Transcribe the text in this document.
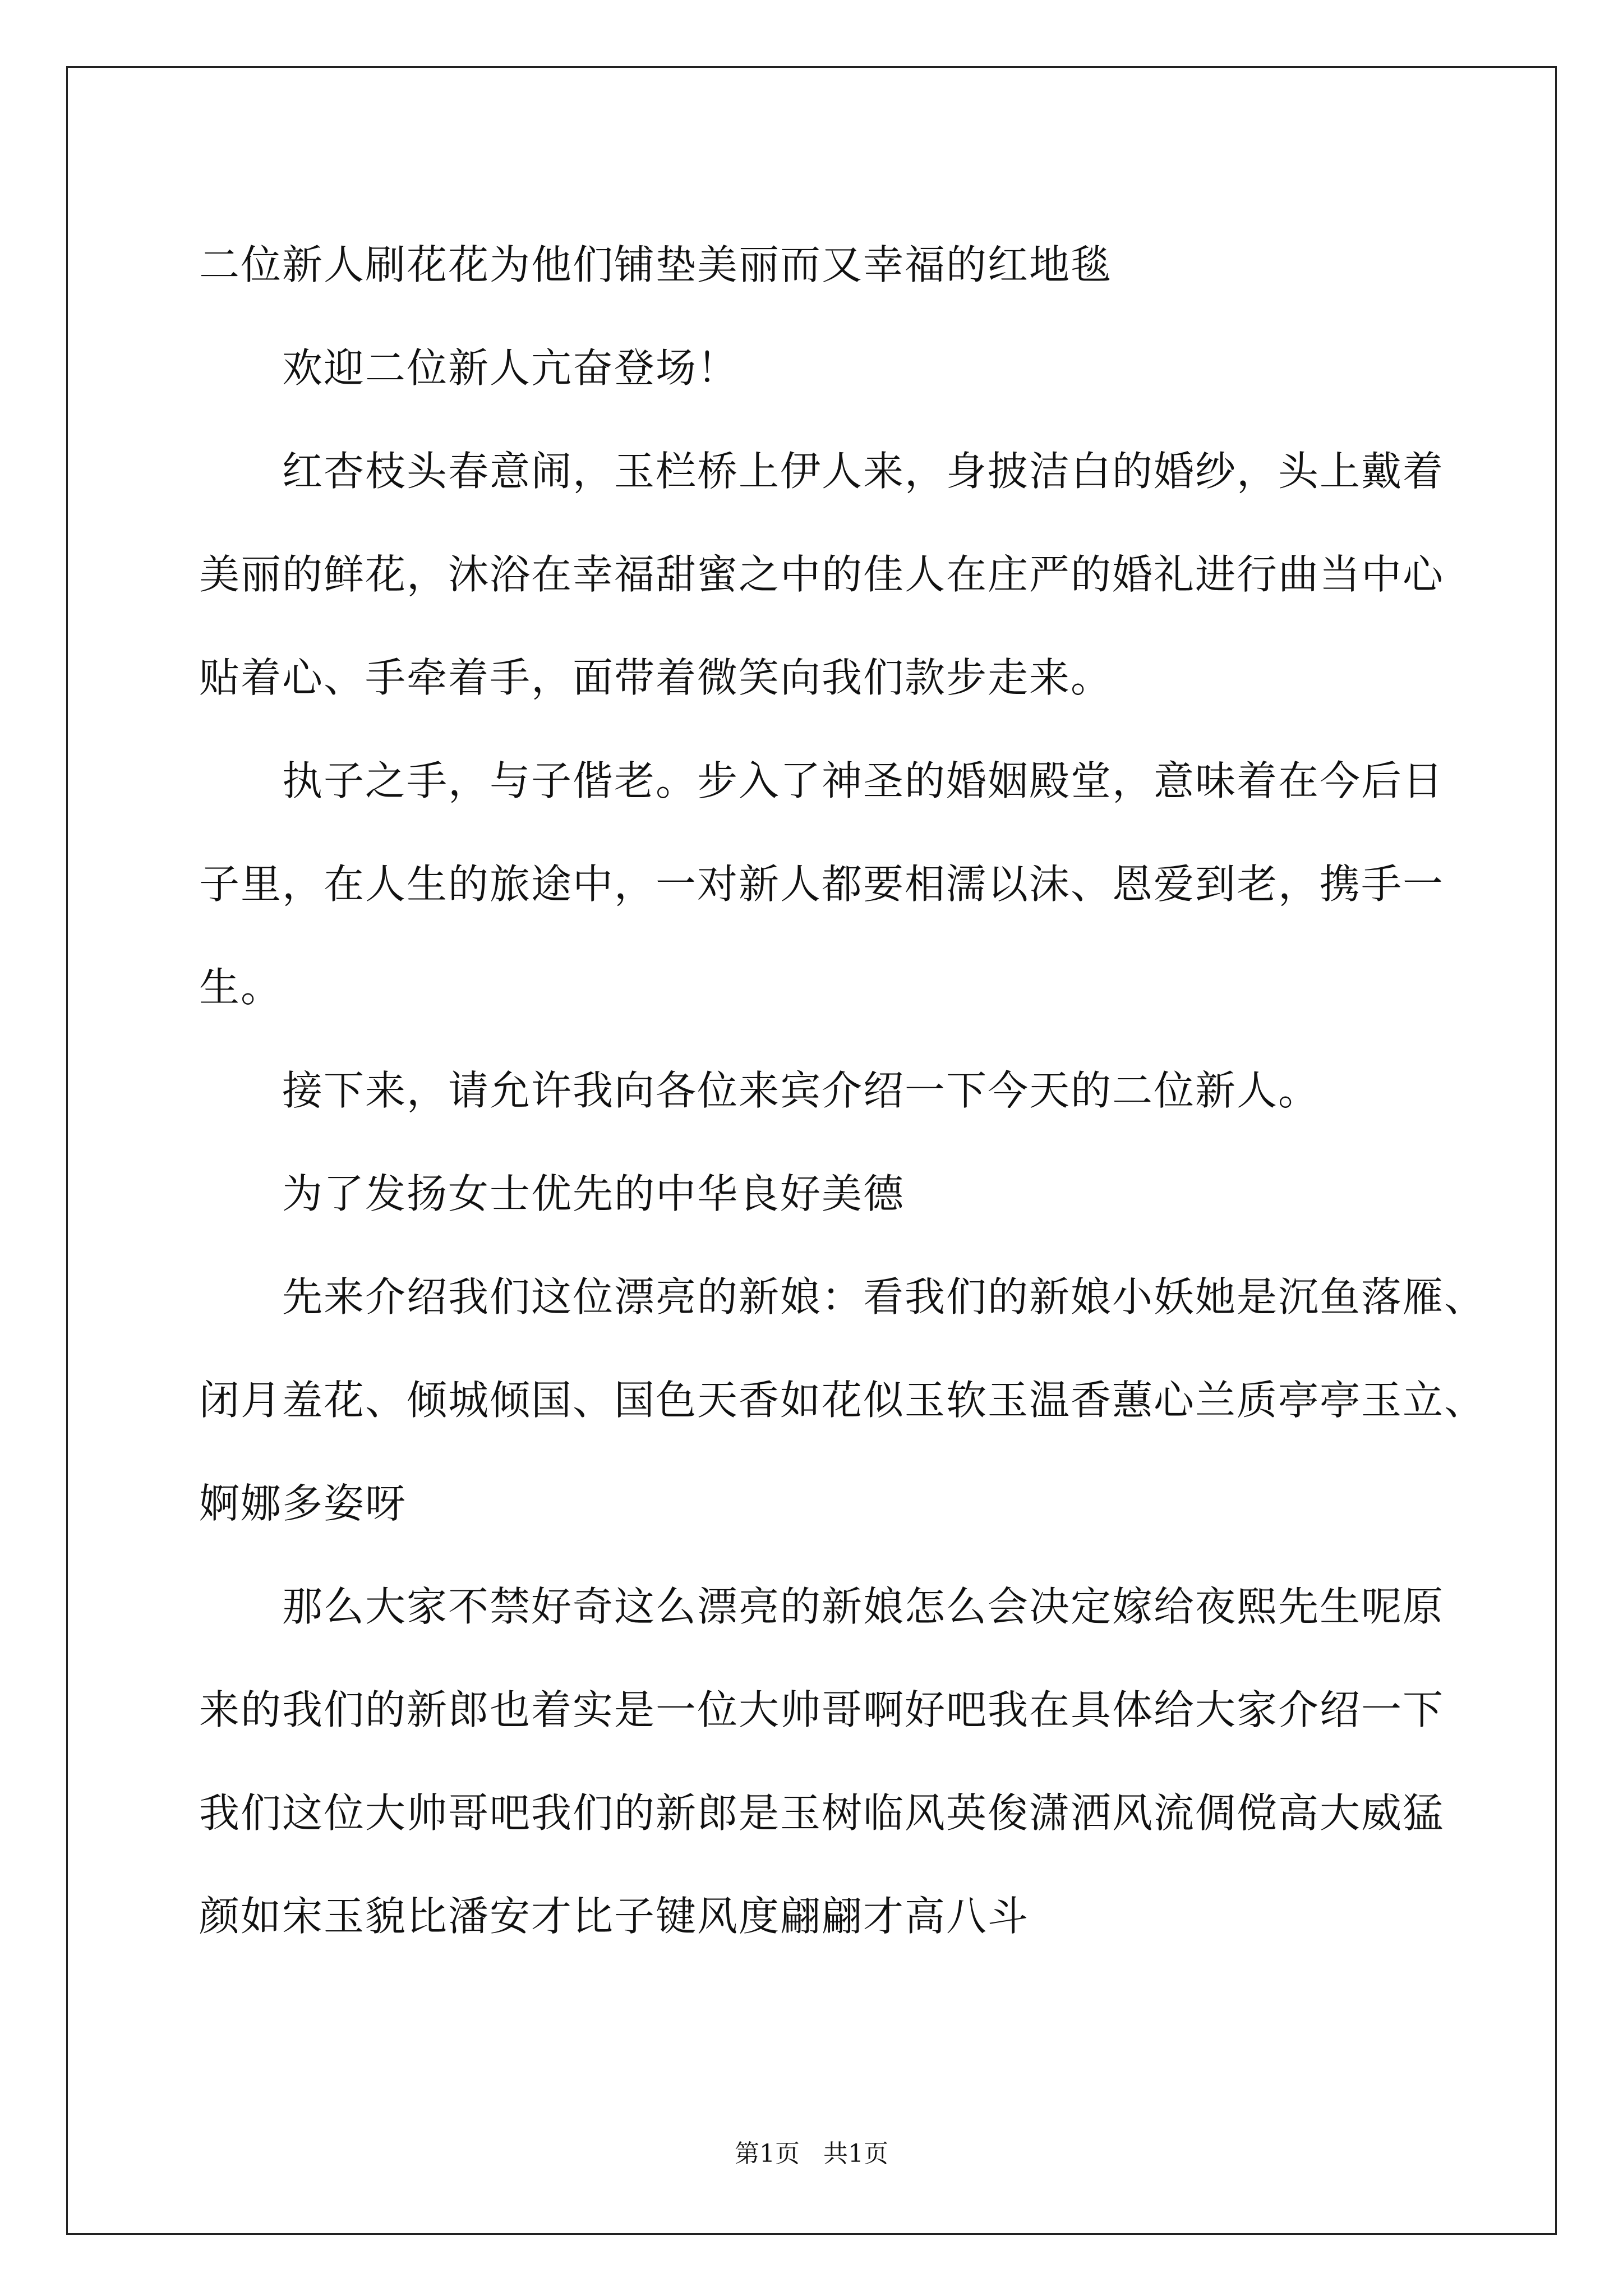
二位新人刷花花为他们铺垫美丽而又幸福的红地毯
欢迎二位新人亢奋登场！
红杏枝头春意闹，玉栏桥上伊人来，身披洁白的婚纱，头上戴着
美丽的鲜花，沐浴在幸福甜蜜之中的佳人在庄严的婚礼进行曲当中心
贴着心、手牵着手，面带着微笑向我们款步走来。
执子之手，与子偕老。步入了神圣的婚姻殿堂，意味着在今后日
子里，在人生的旅途中，一对新人都要相濡以沫、恩爱到老，携手一
生。
接下来，请允许我向各位来宾介绍一下今天的二位新人。
为了发扬女士优先的中华良好美德
先来介绍我们这位漂亮的新娘：看我们的新娘小妖她是沉鱼落雁、
闭月羞花、倾城倾国、国色天香如花似玉软玉温香蕙心兰质亭亭玉立、
婀娜多姿呀
那么大家不禁好奇这么漂亮的新娘怎么会决定嫁给夜熙先生呢原
来的我们的新郎也着实是一位大帅哥啊好吧我在具体给大家介绍一下
我们这位大帅哥吧我们的新郎是玉树临风英俊潇洒风流倜傥高大威猛
颜如宋玉貌比潘安才比子键风度翩翩才高八斗
第1页 共1页
